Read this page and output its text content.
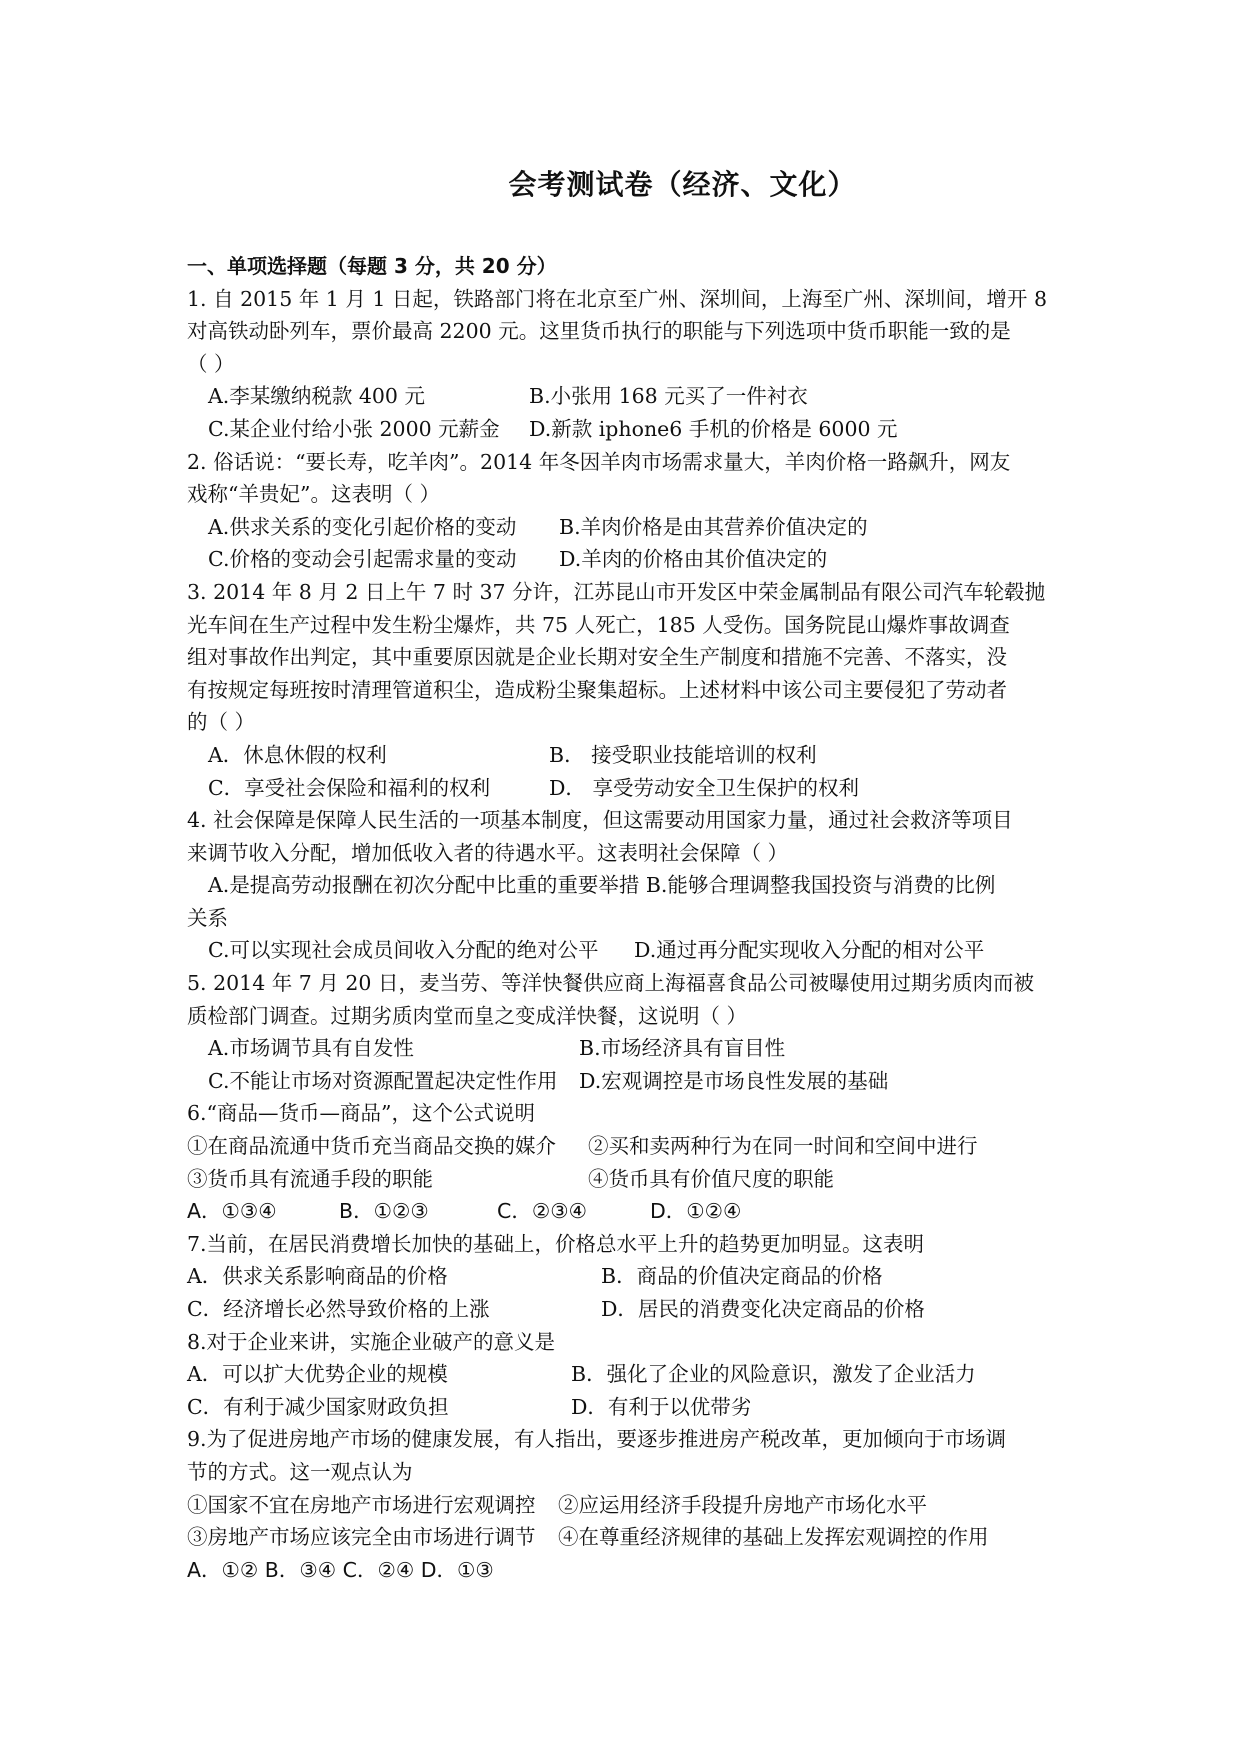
会考测试卷（经济、文化）
一、单项选择题（每题 3 分，共 20 分）
1. 自 2015 年 1 月 1 日起，铁路部门将在北京至广州、深圳间，上海至广州、深圳间，增开 8
对高铁动卧列车，票价最高 2200 元。这里货币执行的职能与下列选项中货币职能一致的是
（ ）
A.李某缴纳税款 400 元	B.小张用 168 元买了一件衬衣
C.某企业付给小张 2000 元薪金	D.新款 iphone6 手机的价格是 6000 元
2. 俗话说：“要长寿，吃羊肉”。2014 年冬因羊肉市场需求量大，羊肉价格一路飙升，网友
戏称“羊贵妃”。这表明（ ）
A.供求关系的变化引起价格的变动	B.羊肉价格是由其营养价值决定的
C.价格的变动会引起需求量的变动	D.羊肉的价格由其价值决定的
3. 2014 年 8 月 2 日上午 7 时 37 分许，江苏昆山市开发区中荣金属制品有限公司汽车轮毂抛
光车间在生产过程中发生粉尘爆炸，共 75 人死亡，185 人受伤。国务院昆山爆炸事故调查
组对事故作出判定，其中重要原因就是企业长期对安全生产制度和措施不完善、不落实，没
有按规定每班按时清理管道积尘，造成粉尘聚集超标。上述材料中该公司主要侵犯了劳动者
的（ ）
A．休息休假的权利	B． 接受职业技能培训的权利
C．享受社会保险和福利的权利	D． 享受劳动安全卫生保护的权利
4. 社会保障是保障人民生活的一项基本制度，但这需要动用国家力量，通过社会救济等项目
来调节收入分配，增加低收入者的待遇水平。这表明社会保障（ ）
A.是提高劳动报酬在初次分配中比重的重要举措 B.能够合理调整我国投资与消费的比例
关系
C.可以实现社会成员间收入分配的绝对公平	D.通过再分配实现收入分配的相对公平
5. 2014 年 7 月 20 日，麦当劳、等洋快餐供应商上海福喜食品公司被曝使用过期劣质肉而被
质检部门调查。过期劣质肉堂而皇之变成洋快餐，这说明（ ）
A.市场调节具有自发性	B.市场经济具有盲目性
C.不能让市场对资源配置起决定性作用	D.宏观调控是市场良性发展的基础
6.“商品—货币—商品”，这个公式说明
①在商品流通中货币充当商品交换的媒介	②买和卖两种行为在同一时间和空间中进行
③货币具有流通手段的职能	④货币具有价值尺度的职能
A．①③④	B．①②③	C．②③④	D．①②④
7.当前，在居民消费增长加快的基础上，价格总水平上升的趋势更加明显。这表明
A．供求关系影响商品的价格	B．商品的价值决定商品的价格
C．经济增长必然导致价格的上涨	D．居民的消费变化决定商品的价格
8.对于企业来讲，实施企业破产的意义是
A．可以扩大优势企业的规模	B．强化了企业的风险意识，激发了企业活力
C．有利于减少国家财政负担	D．有利于以优带劣
9.为了促进房地产市场的健康发展，有人指出，要逐步推进房产税改革，更加倾向于市场调
节的方式。这一观点认为
①国家不宜在房地产市场进行宏观调控	②应运用经济手段提升房地产市场化水平
③房地产市场应该完全由市场进行调节	④在尊重经济规律的基础上发挥宏观调控的作用
A．①② B．③④ C．②④ D．①③
